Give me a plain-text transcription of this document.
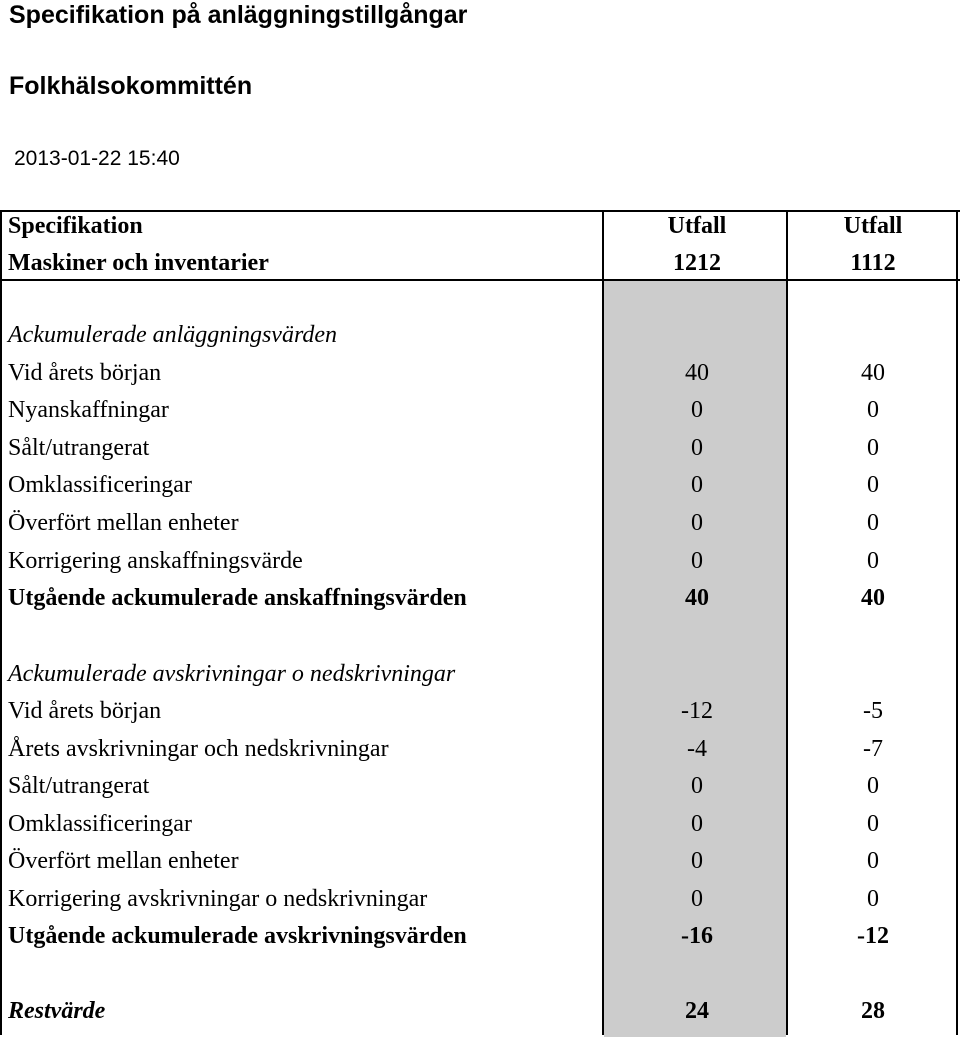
Specifikation på anläggningstillgångar
Folkhälsokommittén
2013-01-22 15:40
Specifikation	Utfall	Utfall
Maskiner och inventarier	1212	1112
Ackumulerade anläggningsvärden
Vid årets början	40	40
Nyanskaffningar	0	0
Sålt/utrangerat	0	0
Omklassificeringar	0	0
Överfört mellan enheter	0	0
Korrigering anskaffningsvärde	0	0
Utgående ackumulerade anskaffningsvärden	40	40
Ackumulerade avskrivningar o nedskrivningar
Vid årets början	-12	-5
Årets avskrivningar och nedskrivningar	-4	-7
Sålt/utrangerat	0	0
Omklassificeringar	0	0
Överfört mellan enheter	0	0
Korrigering avskrivningar o nedskrivningar	0	0
Utgående ackumulerade avskrivningsvärden	-16	-12
Restvärde	24	28
